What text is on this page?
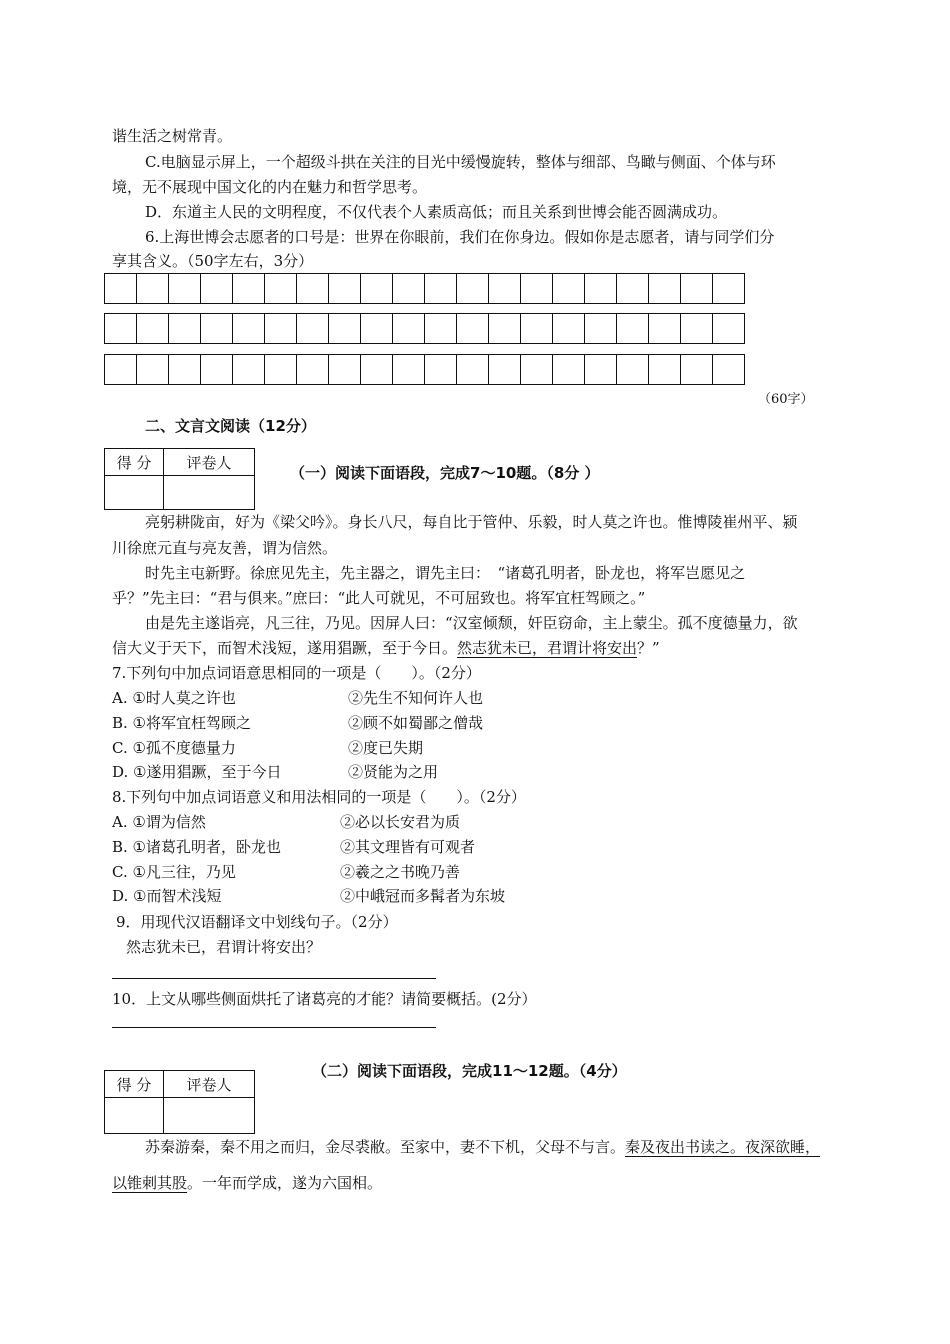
谐生活之树常青。
C.电脑显示屏上，一个超级斗拱在关注的目光中缓慢旋转，整体与细部、鸟瞰与侧面、个体与环
境，无不展现中国文化的内在魅力和哲学思考。
D．东道主人民的文明程度，不仅代表个人素质高低；而且关系到世博会能否圆满成功。
6.上海世博会志愿者的口号是：世界在你眼前，我们在你身边。假如你是志愿者，请与同学们分
享其含义。（50字左右，3分）

（60字）
二、文言文阅读（12分）
得 分	评卷人

（一）阅读下面语段，完成7～10题。（8分 ）
亮躬耕陇亩，好为《梁父吟》。身长八尺，每自比于管仲、乐毅，时人莫之许也。惟博陵崔州平、颍
川徐庶元直与亮友善，谓为信然。
时先主屯新野。徐庶见先主，先主器之，谓先主曰：　“诸葛孔明者，卧龙也，将军岂愿见之
乎？”先主曰：“君与俱来。”庶曰：“此人可就见，不可屈致也。将军宜枉驾顾之。”
由是先主遂诣亮，凡三往，乃见。因屏人曰：“汉室倾颓，奸臣窃命，主上蒙尘。孤不度德量力，欲
信大义于天下，而智术浅短，遂用猖蹶，至于今日。然志犹未已，君谓计将安出？”
7.下列句中加点词语意思相同的一项是（　　）。（2分）
A. ①时人莫之许也	②先生不知何许人也
B. ①将军宜枉驾顾之	②顾不如蜀鄙之僧哉
C. ①孤不度德量力	②度已失期
D. ①遂用猖蹶，至于今日	②贤能为之用
8.下列句中加点词语意义和用法相同的一项是（　　）。（2分）
A. ①谓为信然	②必以长安君为质
B. ①诸葛孔明者，卧龙也	②其文理皆有可观者
C. ①凡三往，乃见	②羲之之书晚乃善
D. ①而智术浅短	②中峨冠而多髯者为东坡
9．用现代汉语翻译文中划线句子。（2分）
然志犹未已，君谓计将安出？
10．上文从哪些侧面烘托了诸葛亮的才能？请简要概括。(2分）
（二）阅读下面语段，完成11～12题。（4分）
得 分	评卷人

苏秦游秦，秦不用之而归，金尽裘敝。至家中，妻不下机，父母不与言。秦及夜出书读之。夜深欲睡，
以锥刺其股。一年而学成，遂为六国相。
